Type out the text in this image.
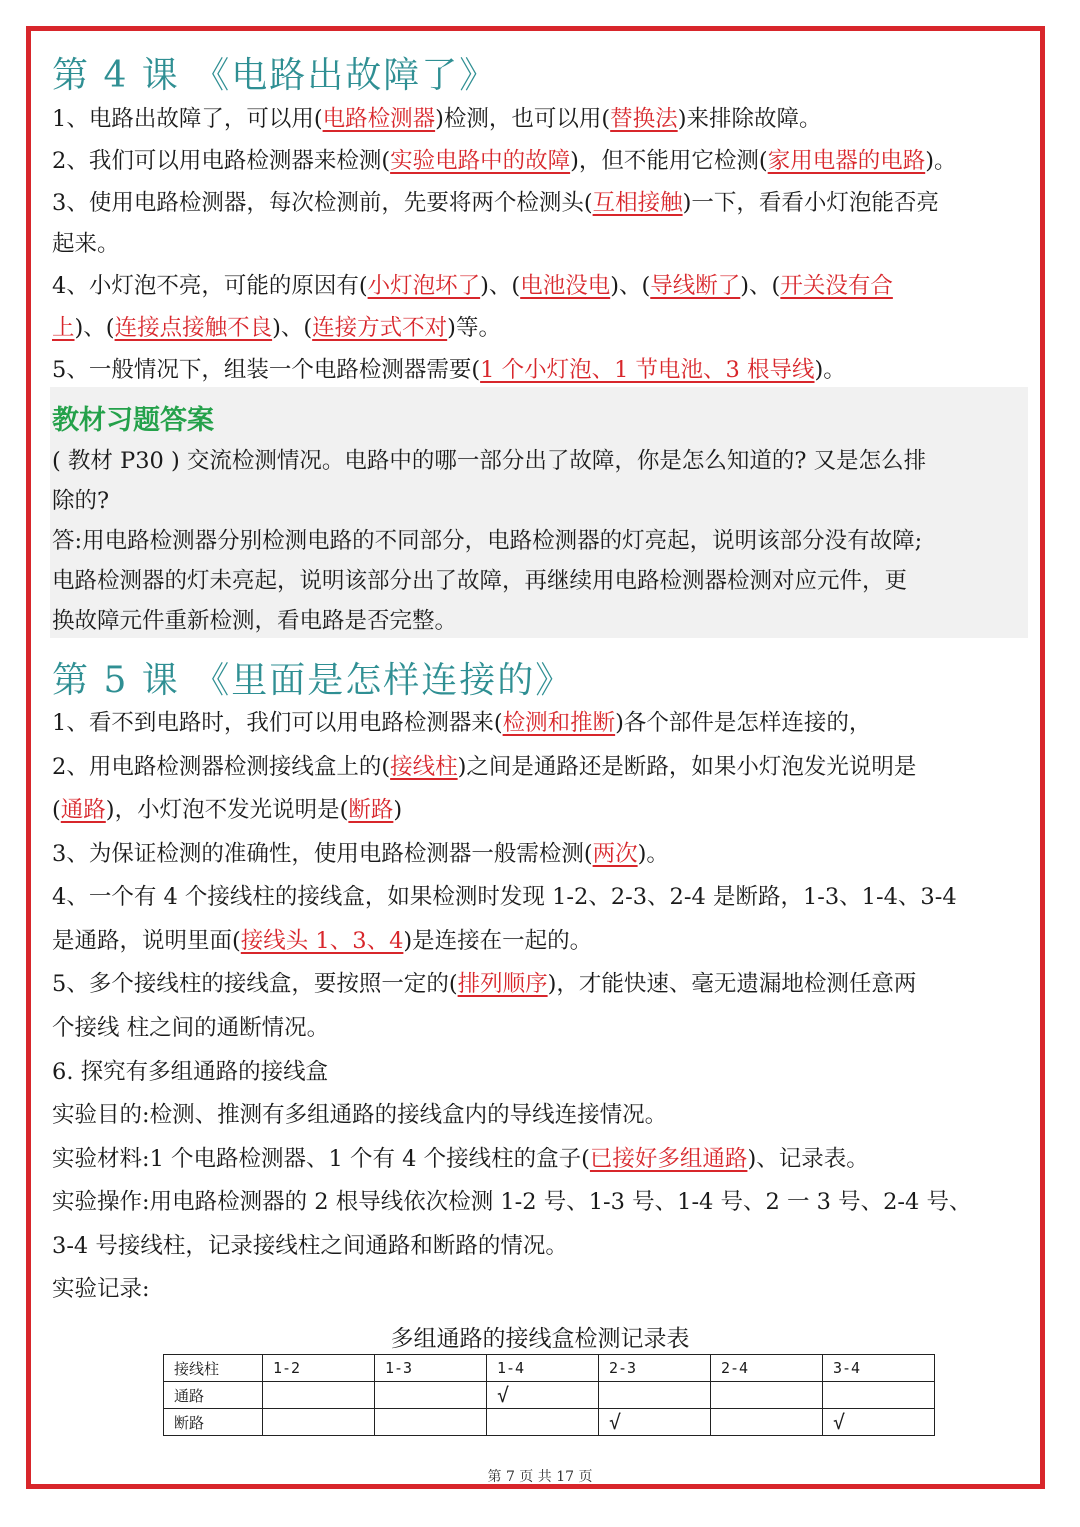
第 4 课 《电路出故障了》
1、电路出故障了，可以用(电路检测器)检测，也可以用(替换法)来排除故障。
2、我们可以用电路检测器来检测(实验电路中的故障)，但不能用它检测(家用电器的电路)。
3、使用电路检测器，每次检测前，先要将两个检测头(互相接触)一下，看看小灯泡能否亮
起来。
4、小灯泡不亮，可能的原因有(小灯泡坏了)、(电池没电)、(导线断了)、(开关没有合
上)、(连接点接触不良)、(连接方式不对)等。
5、一般情况下，组装一个电路检测器需要(1 个小灯泡、1 节电池、3 根导线)。
教材习题答案
( 教材 P30 ) 交流检测情况。电路中的哪一部分出了故障，你是怎么知道的? 又是怎么排
除的?
答:用电路检测器分别检测电路的不同部分，电路检测器的灯亮起，说明该部分没有故障;
电路检测器的灯未亮起，说明该部分出了故障，再继续用电路检测器检测对应元件，更
换故障元件重新检测，看电路是否完整。
第 5 课 《里面是怎样连接的》
1、看不到电路时，我们可以用电路检测器来(检测和推断)各个部件是怎样连接的，
2、用电路检测器检测接线盒上的(接线柱)之间是通路还是断路，如果小灯泡发光说明是
(通路)，小灯泡不发光说明是(断路)
3、为保证检测的准确性，使用电路检测器一般需检测(两次)。
4、一个有 4 个接线柱的接线盒，如果检测时发现 1-2、2-3、2-4 是断路，1-3、1-4、3-4
是通路，说明里面(接线头 1、3、4)是连接在一起的。
5、多个接线柱的接线盒，要按照一定的(排列顺序)，才能快速、毫无遗漏地检测任意两
个接线 柱之间的通断情况。
6. 探究有多组通路的接线盒
实验目的:检测、推测有多组通路的接线盒内的导线连接情况。
实验材料:1 个电路检测器、1 个有 4 个接线柱的盒子(已接好多组通路)、记录表。
实验操作:用电路检测器的 2 根导线依次检测 1-2 号、1-3 号、1-4 号、2 一 3 号、2-4 号、
3-4 号接线柱，记录接线柱之间通路和断路的情况。
实验记录:
多组通路的接线盒检测记录表
接线柱	1-2	1-3	1-4	2-3	2-4	3-4
通路			√			
断路				√		√
第 7 页 共 17 页
